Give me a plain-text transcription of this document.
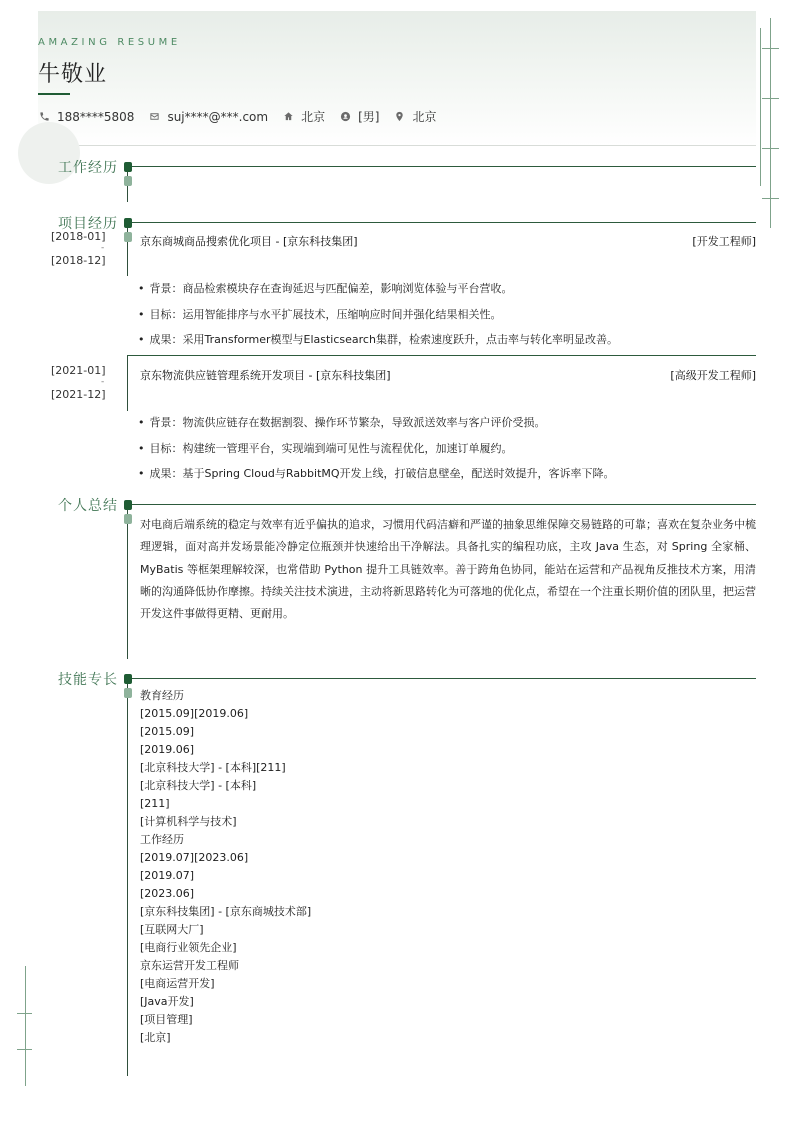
AMAZING RESUME
牛敬业
188****5808	suj****@***.com	北京	[男]	北京
工作经历
项目经历
[2018-01]
-
[2018-12]
京东商城商品搜索优化项目 - [京东科技集团]	[开发工程师]
• 背景：商品检索模块存在查询延迟与匹配偏差，影响浏览体验与平台营收。
• 目标：运用智能排序与水平扩展技术，压缩响应时间并强化结果相关性。
• 成果：采用Transformer模型与Elasticsearch集群，检索速度跃升，点击率与转化率明显改善。
[2021-01]
-
[2021-12]
京东物流供应链管理系统开发项目 - [京东科技集团]	[高级开发工程师]
• 背景：物流供应链存在数据割裂、操作环节繁杂，导致派送效率与客户评价受损。
• 目标：构建统一管理平台，实现端到端可见性与流程优化，加速订单履约。
• 成果：基于Spring Cloud与RabbitMQ开发上线，打破信息壁垒，配送时效提升，客诉率下降。
个人总结

对电商后端系统的稳定与效率有近乎偏执的追求，习惯用代码洁癖和严谨的抽象思维保障交易链路的可靠；喜欢在复杂业务中梳理逻辑，面对高并发场景能冷静定位瓶颈并快速给出干净解法。具备扎实的编程功底，主攻 Java 生态，对 Spring 全家桶、MyBatis 等框架理解较深，也常借助 Python 提升工具链效率。善于跨角色协同，能站在运营和产品视角反推技术方案，用清晰的沟通降低协作摩擦。持续关注技术演进，主动将新思路转化为可落地的优化点，希望在一个注重长期价值的团队里，把运营开发这件事做得更精、更耐用。

技能专长
教育经历
[2015.09][2019.06]
[2015.09]
[2019.06]
[北京科技大学] - [本科][211]
[北京科技大学] - [本科]
[211]
[计算机科学与技术]
工作经历
[2019.07][2023.06]
[2019.07]
[2023.06]
[京东科技集团] - [京东商城技术部]
[互联网大厂]
[电商行业领先企业]
京东运营开发工程师
[电商运营开发]
[Java开发]
[项目管理]
[北京]
